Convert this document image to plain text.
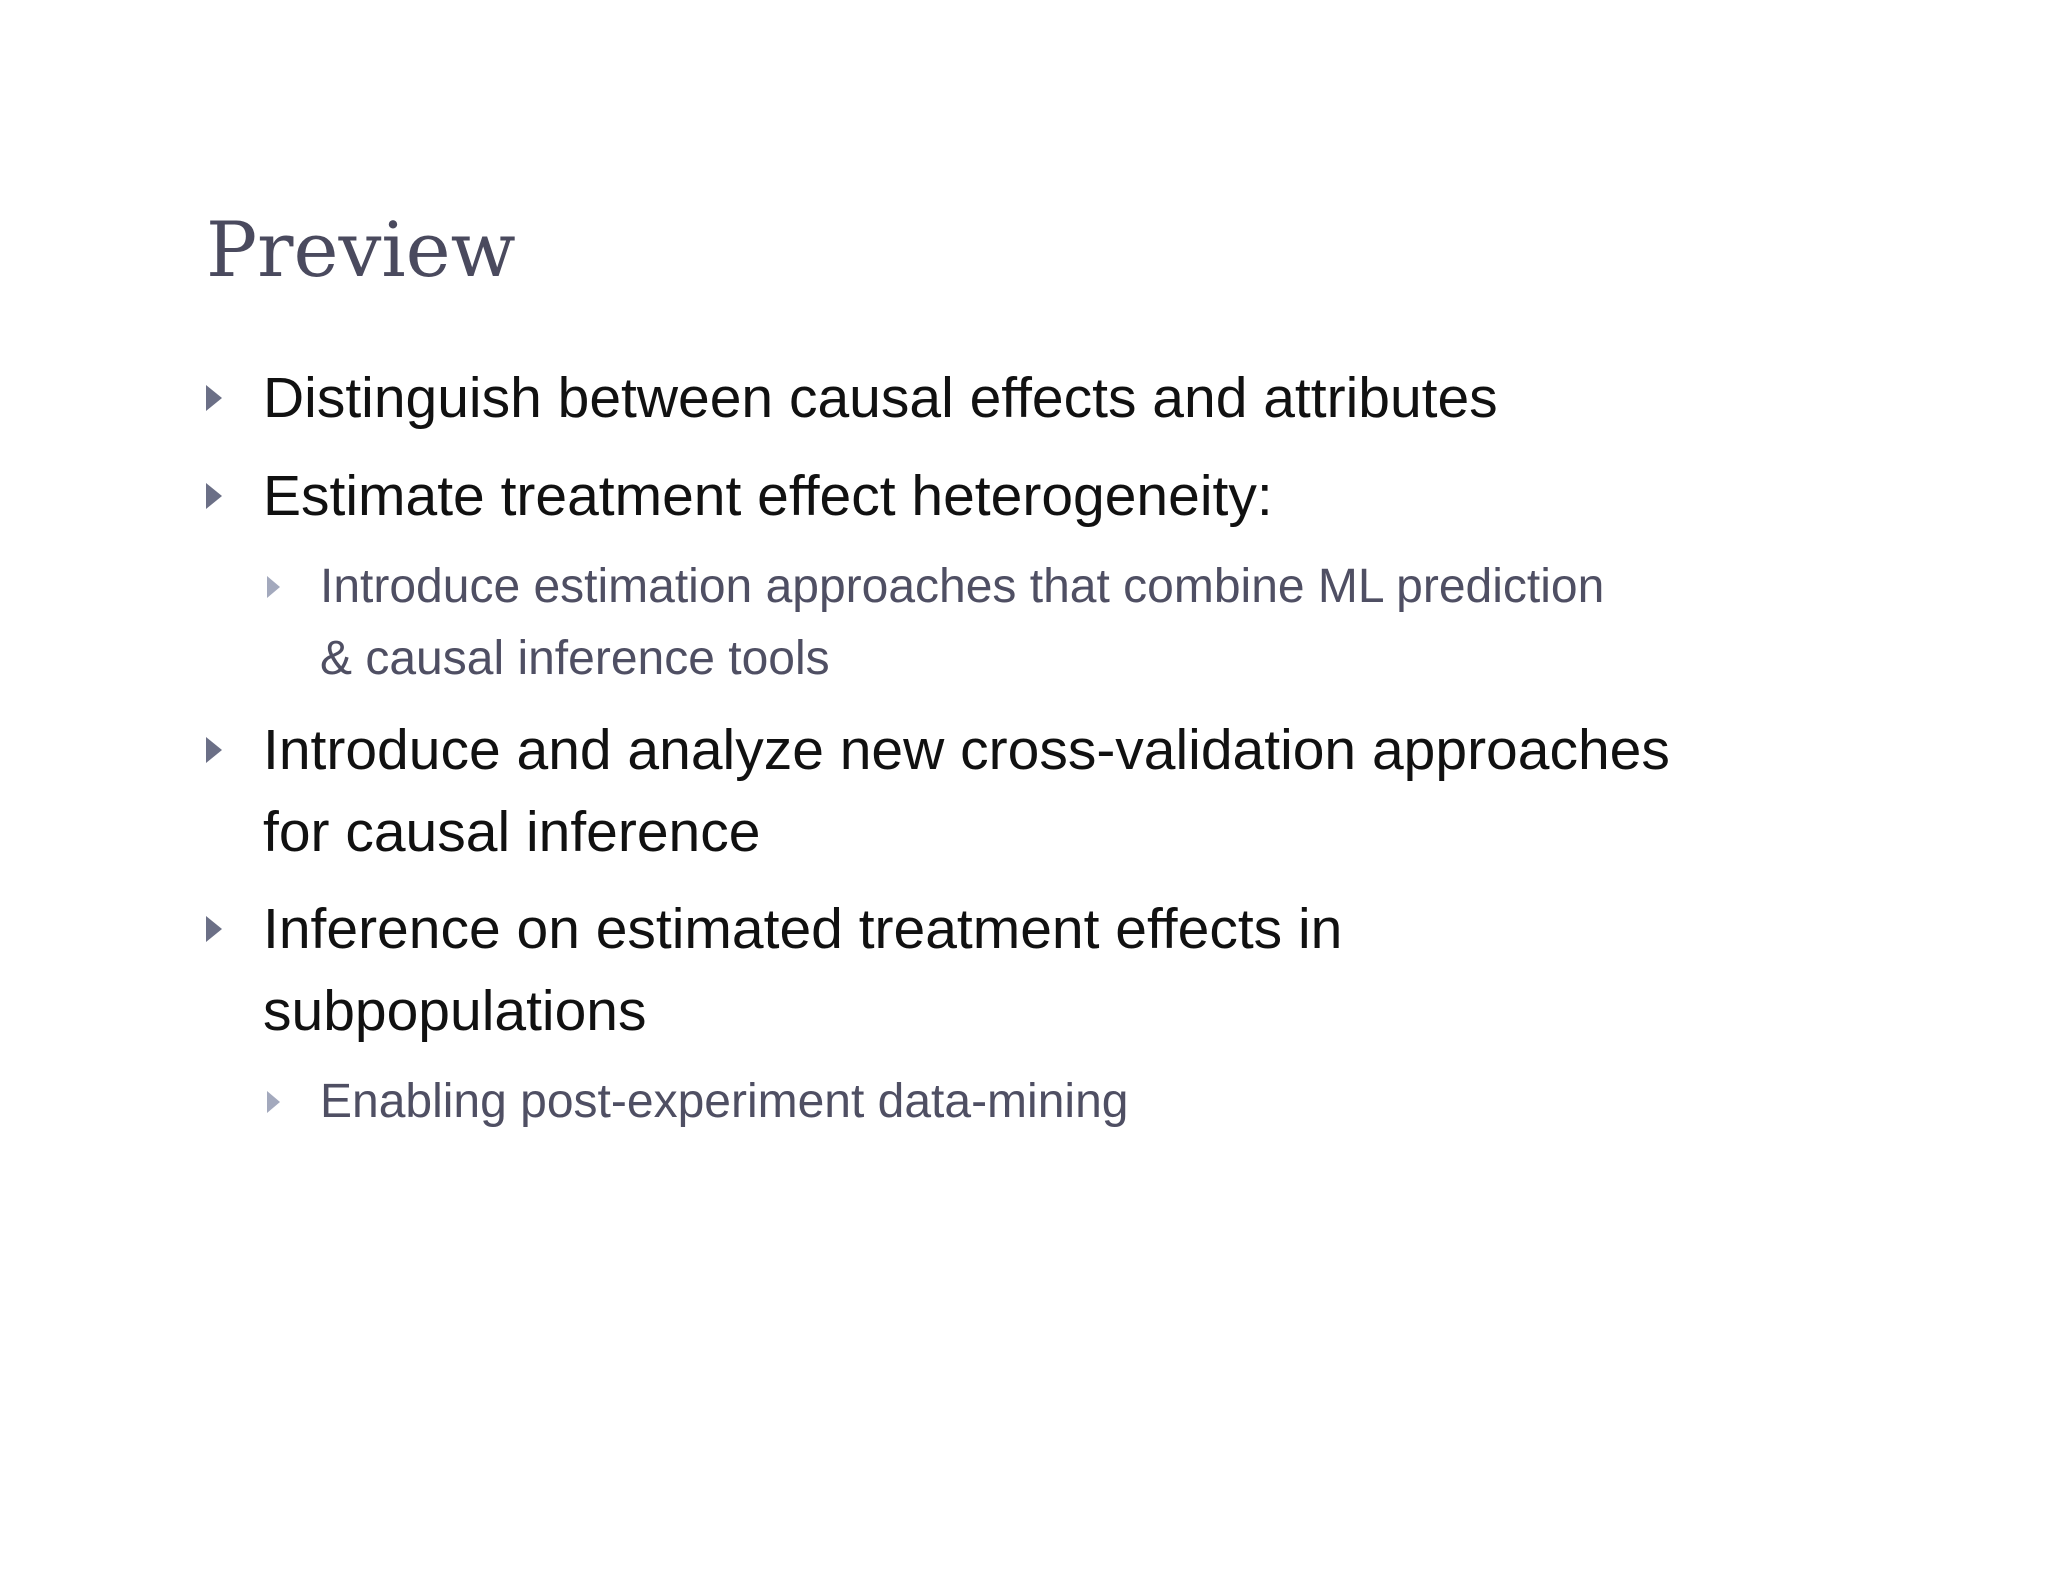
Preview
Distinguish between causal effects and attributes
Estimate treatment effect heterogeneity:
Introduce estimation approaches that combine ML prediction
& causal inference tools
Introduce and analyze new cross-validation approaches
for causal inference
Inference on estimated treatment effects in
subpopulations
Enabling post-experiment data-mining
